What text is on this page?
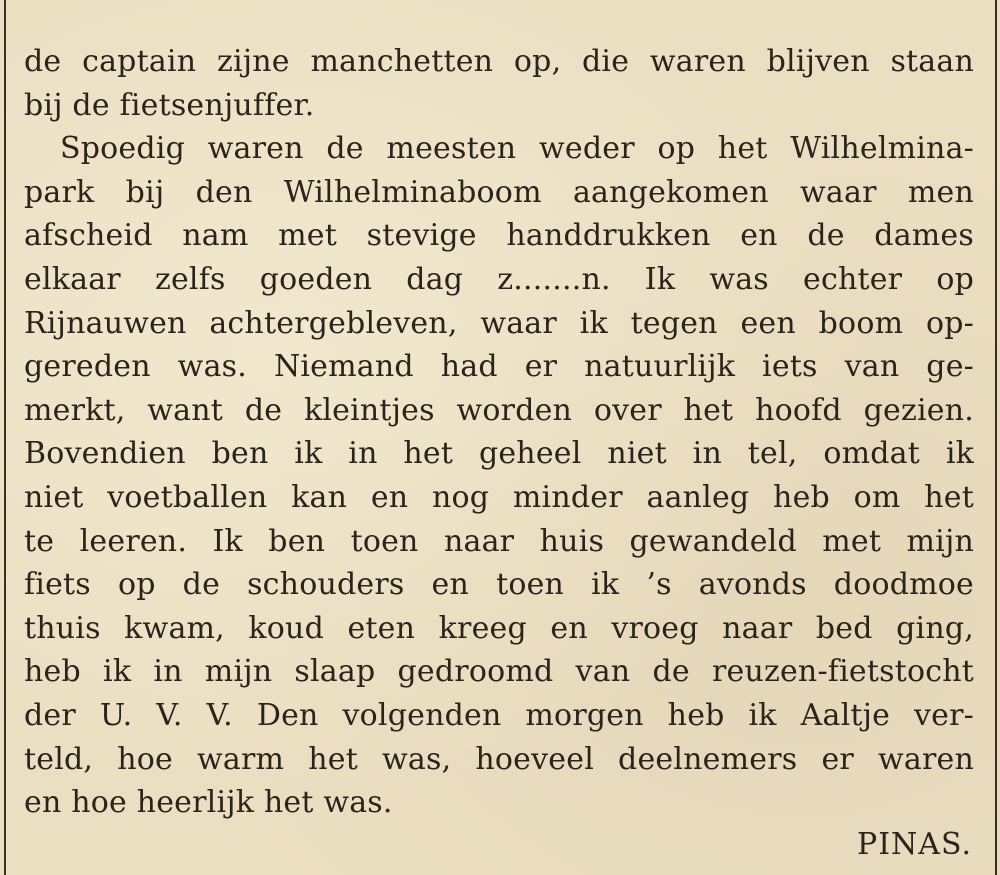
de captain zijne manchetten op, die waren blijven staan
bij de fietsenjuffer.
Spoedig waren de meesten weder op het Wilhelmina-
park bij den Wilhelminaboom aangekomen waar men
afscheid nam met stevige handdrukken en de dames
elkaar zelfs goeden dag z.......n. Ik was echter op
Rijnauwen achtergebleven, waar ik tegen een boom op-
gereden was. Niemand had er natuurlijk iets van ge-
merkt, want de kleintjes worden over het hoofd gezien.
Bovendien ben ik in het geheel niet in tel, omdat ik
niet voetballen kan en nog minder aanleg heb om het
te leeren. Ik ben toen naar huis gewandeld met mijn
fiets op de schouders en toen ik ’s avonds doodmoe
thuis kwam, koud eten kreeg en vroeg naar bed ging,
heb ik in mijn slaap gedroomd van de reuzen-fietstocht
der U. V. V. Den volgenden morgen heb ik Aaltje ver-
teld, hoe warm het was, hoeveel deelnemers er waren
en hoe heerlijk het was.
PINAS.
